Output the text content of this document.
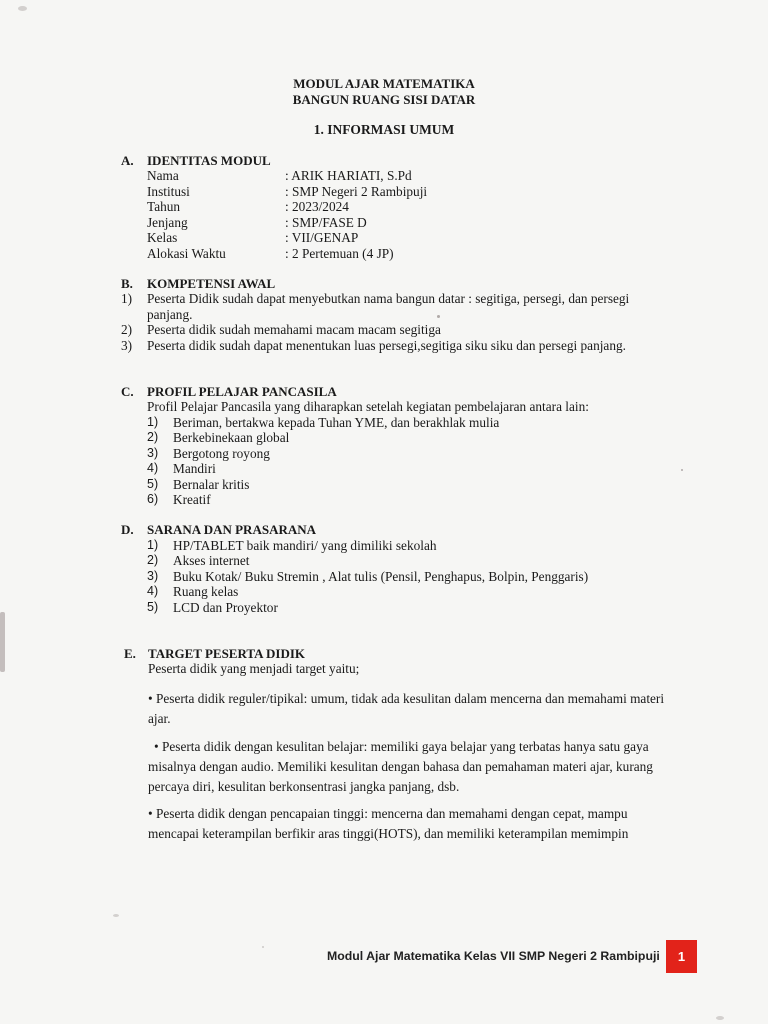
MODUL AJAR MATEMATIKA
BANGUN RUANG SISI DATAR
1. INFORMASI UMUM
A. IDENTITAS MODUL
Nama	: ARIK HARIATI, S.Pd
Institusi	: SMP Negeri 2 Rambipuji
Tahun	: 2023/2024
Jenjang	: SMP/FASE D
Kelas	: VII/GENAP
Alokasi Waktu	: 2 Pertemuan (4 JP)
B. KOMPETENSI AWAL
1) Peserta Didik sudah dapat menyebutkan nama bangun datar : segitiga, persegi, dan persegi
panjang.
2) Peserta didik sudah memahami macam macam segitiga
3) Peserta didik sudah dapat menentukan luas persegi,segitiga siku siku dan persegi panjang.
C. PROFIL PELAJAR PANCASILA
Profil Pelajar Pancasila yang diharapkan setelah kegiatan pembelajaran antara lain:
1) Beriman, bertakwa kepada Tuhan YME, dan berakhlak mulia
2) Berkebinekaan global
3) Bergotong royong
4) Mandiri
5) Bernalar kritis
6) Kreatif
D. SARANA DAN PRASARANA
1) HP/TABLET baik mandiri/ yang dimiliki sekolah
2) Akses internet
3) Buku Kotak/ Buku Stremin , Alat tulis (Pensil, Penghapus, Bolpin, Penggaris)
4) Ruang kelas
5) LCD dan Proyektor
E. TARGET PESERTA DIDIK
Peserta didik yang menjadi target yaitu;
• Peserta didik reguler/tipikal: umum, tidak ada kesulitan dalam mencerna dan memahami materi ajar.
• Peserta didik dengan kesulitan belajar: memiliki gaya belajar yang terbatas hanya satu gaya misalnya dengan audio. Memiliki kesulitan dengan bahasa dan pemahaman materi ajar, kurang percaya diri, kesulitan berkonsentrasi jangka panjang, dsb.
• Peserta didik dengan pencapaian tinggi: mencerna dan memahami dengan cepat, mampu mencapai keterampilan berfikir aras tinggi(HOTS), dan memiliki keterampilan memimpin
Modul Ajar Matematika Kelas VII SMP Negeri 2 Rambipuji	1
